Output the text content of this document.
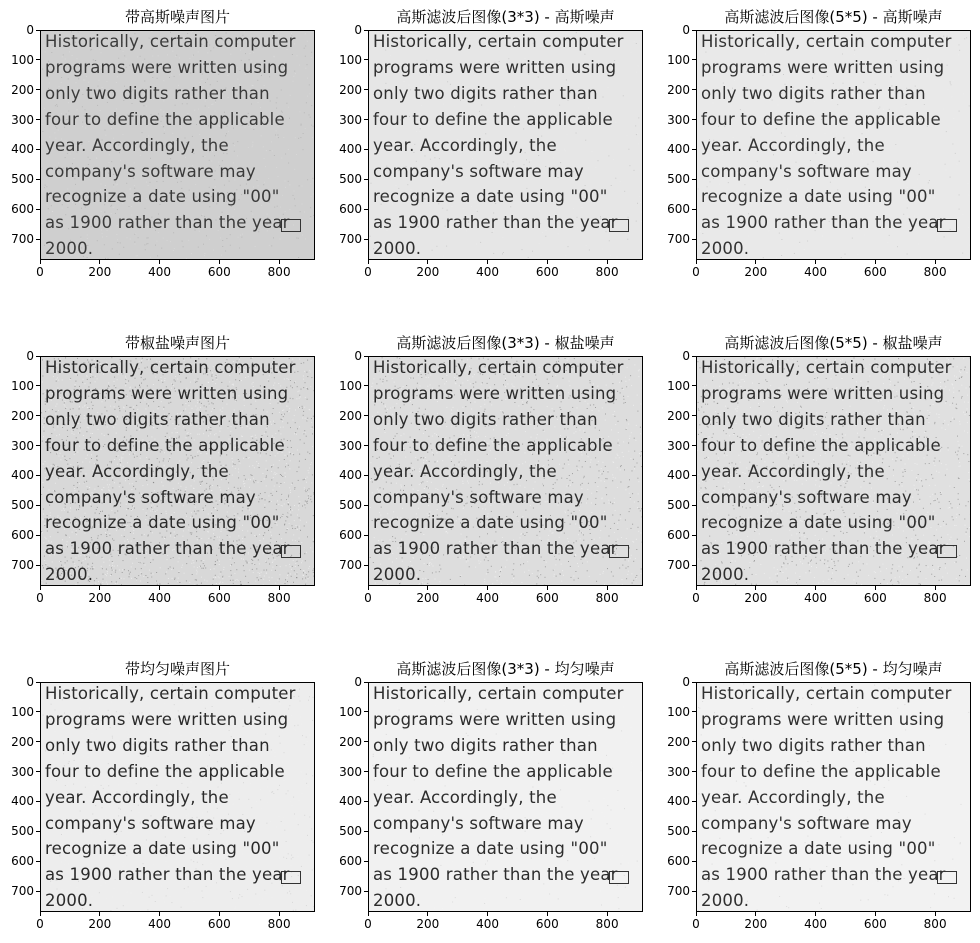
带高斯噪声图片
Historically, certain computer
programs were written using
only two digits rather than
four to define the applicable
year. Accordingly, the
company's software may
recognize a date using "00"
as 1900 rather than the year
2000.
0	200	400	600	800
0
100
200
300
400
500
600
700
高斯滤波后图像(3*3) - 高斯噪声
Historically, certain computer
programs were written using
only two digits rather than
four to define the applicable
year. Accordingly, the
company's software may
recognize a date using "00"
as 1900 rather than the year
2000.
0	200	400	600	800
0
100
200
300
400
500
600
700
高斯滤波后图像(5*5) - 高斯噪声
Historically, certain computer
programs were written using
only two digits rather than
four to define the applicable
year. Accordingly, the
company's software may
recognize a date using "00"
as 1900 rather than the year
2000.
0	200	400	600	800
0
100
200
300
400
500
600
700
带椒盐噪声图片
Historically, certain computer
programs were written using
only two digits rather than
four to define the applicable
year. Accordingly, the
company's software may
recognize a date using "00"
as 1900 rather than the year
2000.
0	200	400	600	800
0
100
200
300
400
500
600
700
高斯滤波后图像(3*3) - 椒盐噪声
Historically, certain computer
programs were written using
only two digits rather than
four to define the applicable
year. Accordingly, the
company's software may
recognize a date using "00"
as 1900 rather than the year
2000.
0	200	400	600	800
0
100
200
300
400
500
600
700
高斯滤波后图像(5*5) - 椒盐噪声
Historically, certain computer
programs were written using
only two digits rather than
four to define the applicable
year. Accordingly, the
company's software may
recognize a date using "00"
as 1900 rather than the year
2000.
0	200	400	600	800
0
100
200
300
400
500
600
700
带均匀噪声图片
Historically, certain computer
programs were written using
only two digits rather than
four to define the applicable
year. Accordingly, the
company's software may
recognize a date using "00"
as 1900 rather than the year
2000.
0	200	400	600	800
0
100
200
300
400
500
600
700
高斯滤波后图像(3*3) - 均匀噪声
Historically, certain computer
programs were written using
only two digits rather than
four to define the applicable
year. Accordingly, the
company's software may
recognize a date using "00"
as 1900 rather than the year
2000.
0	200	400	600	800
0
100
200
300
400
500
600
700
高斯滤波后图像(5*5) - 均匀噪声
Historically, certain computer
programs were written using
only two digits rather than
four to define the applicable
year. Accordingly, the
company's software may
recognize a date using "00"
as 1900 rather than the year
2000.
0	200	400	600	800
0
100
200
300
400
500
600
700
